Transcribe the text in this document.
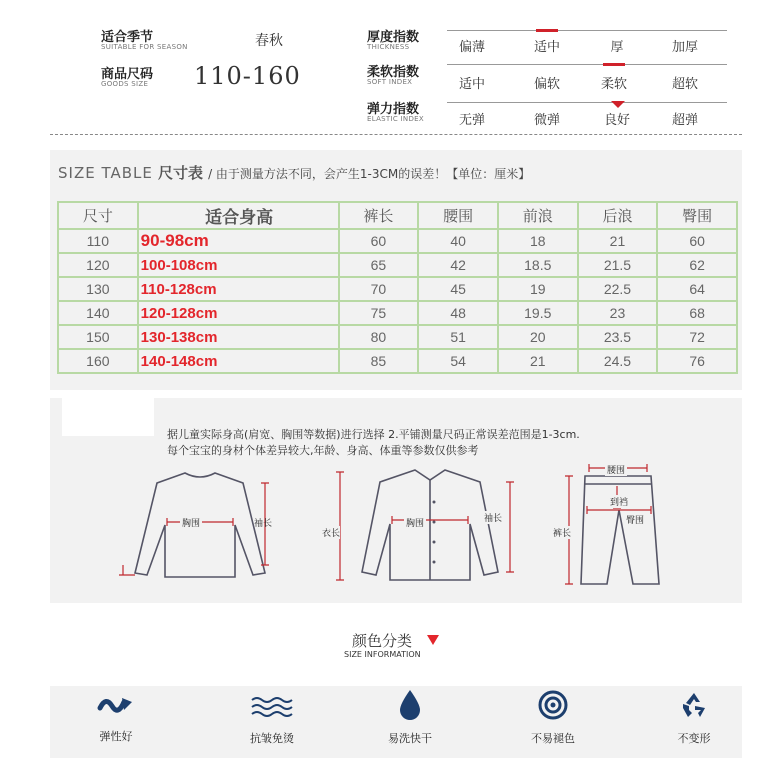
适合季节
SUITABLE FOR SEASON	春秋
商品尺码
GOODS SIZE 110-160
厚度指数
THICKNESS	偏薄	适中	厚	加厚
柔软指数
SOFT INDEX	适中	偏软	柔软	超软
弹力指数
ELASTIC INDEX	无弹	微弹	良好	超弹
SIZE TABLE 尺寸表 / 由于测量方法不同，会产生1-3CM的误差！【单位：厘米】
尺寸	适合身高	裤长	腰围	前浪	后浪	臀围
110	90-98cm	60	40	18	21	60
120	100-108cm	65	42	18.5	21.5	62
130	110-128cm	70	45	19	22.5	64
140	120-128cm	75	48	19.5	23	68
150	130-138cm	80	51	20	23.5	72
160	140-148cm	85	54	21	24.5	76
据儿童实际身高(肩宽、胸围等数据)进行选择 2.平铺测量尺码正常误差范围是1-3cm.
每个宝宝的身材个体差异较大,年龄、身高、体重等参数仅供参考
胸围	袖长
衣长
胸围	袖长
腰围
到裆
臀围
裤长
颜色分类
SIZE INFORMATION
弹性好	抗皱免烫	易洗快干	不易褪色	不变形
